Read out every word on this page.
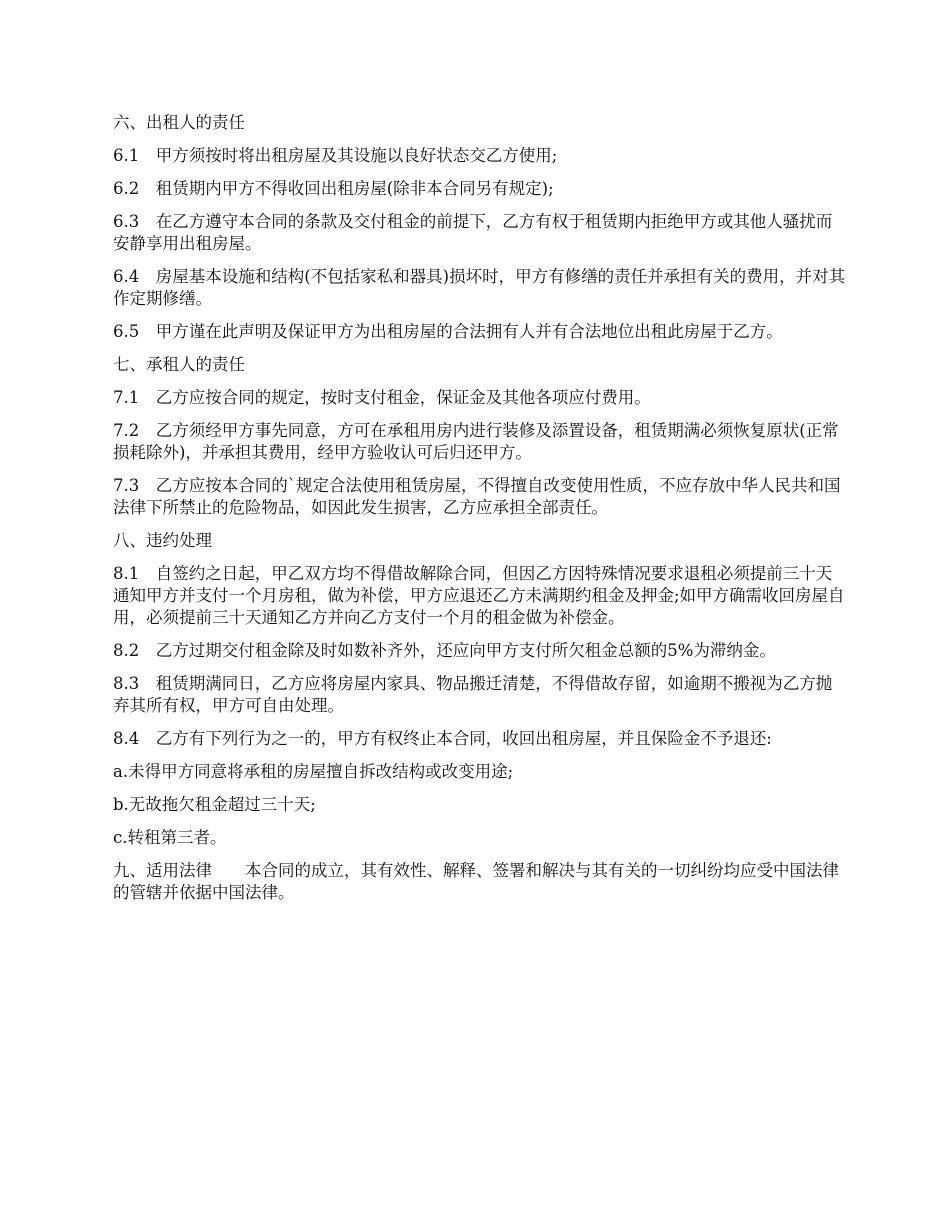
六、出租人的责任

6.1　甲方须按时将出租房屋及其设施以良好状态交乙方使用;

6.2　租赁期内甲方不得收回出租房屋(除非本合同另有规定);

6.3　在乙方遵守本合同的条款及交付租金的前提下，乙方有权于租赁期内拒绝甲方或其他人骚扰而安静享用出租房屋。

6.4　房屋基本设施和结构(不包括家私和器具)损坏时，甲方有修缮的责任并承担有关的费用，并对其作定期修缮。

6.5　甲方谨在此声明及保证甲方为出租房屋的合法拥有人并有合法地位出租此房屋于乙方。

七、承租人的责任

7.1　乙方应按合同的规定，按时支付租金，保证金及其他各项应付费用。

7.2　乙方须经甲方事先同意，方可在承租用房内进行装修及添置设备，租赁期满必须恢复原状(正常损耗除外)，并承担其费用，经甲方验收认可后归还甲方。

7.3　乙方应按本合同的`规定合法使用租赁房屋，不得擅自改变使用性质，不应存放中华人民共和国法律下所禁止的危险物品，如因此发生损害，乙方应承担全部责任。

八、违约处理

8.1　自签约之日起，甲乙双方均不得借故解除合同，但因乙方因特殊情况要求退租必须提前三十天通知甲方并支付一个月房租，做为补偿，甲方应退还乙方未满期约租金及押金;如甲方确需收回房屋自用，必须提前三十天通知乙方并向乙方支付一个月的租金做为补偿金。

8.2　乙方过期交付租金除及时如数补齐外，还应向甲方支付所欠租金总额的5%为滞纳金。

8.3　租赁期满同日，乙方应将房屋内家具、物品搬迁清楚，不得借故存留，如逾期不搬视为乙方抛弃其所有权，甲方可自由处理。

8.4　乙方有下列行为之一的，甲方有权终止本合同，收回出租房屋，并且保险金不予退还:

a.未得甲方同意将承租的房屋擅自拆改结构或改变用途;

b.无故拖欠租金超过三十天;

c.转租第三者。

九、适用法律　　本合同的成立，其有效性、解释、签署和解决与其有关的一切纠纷均应受中国法律的管辖并依据中国法律。
